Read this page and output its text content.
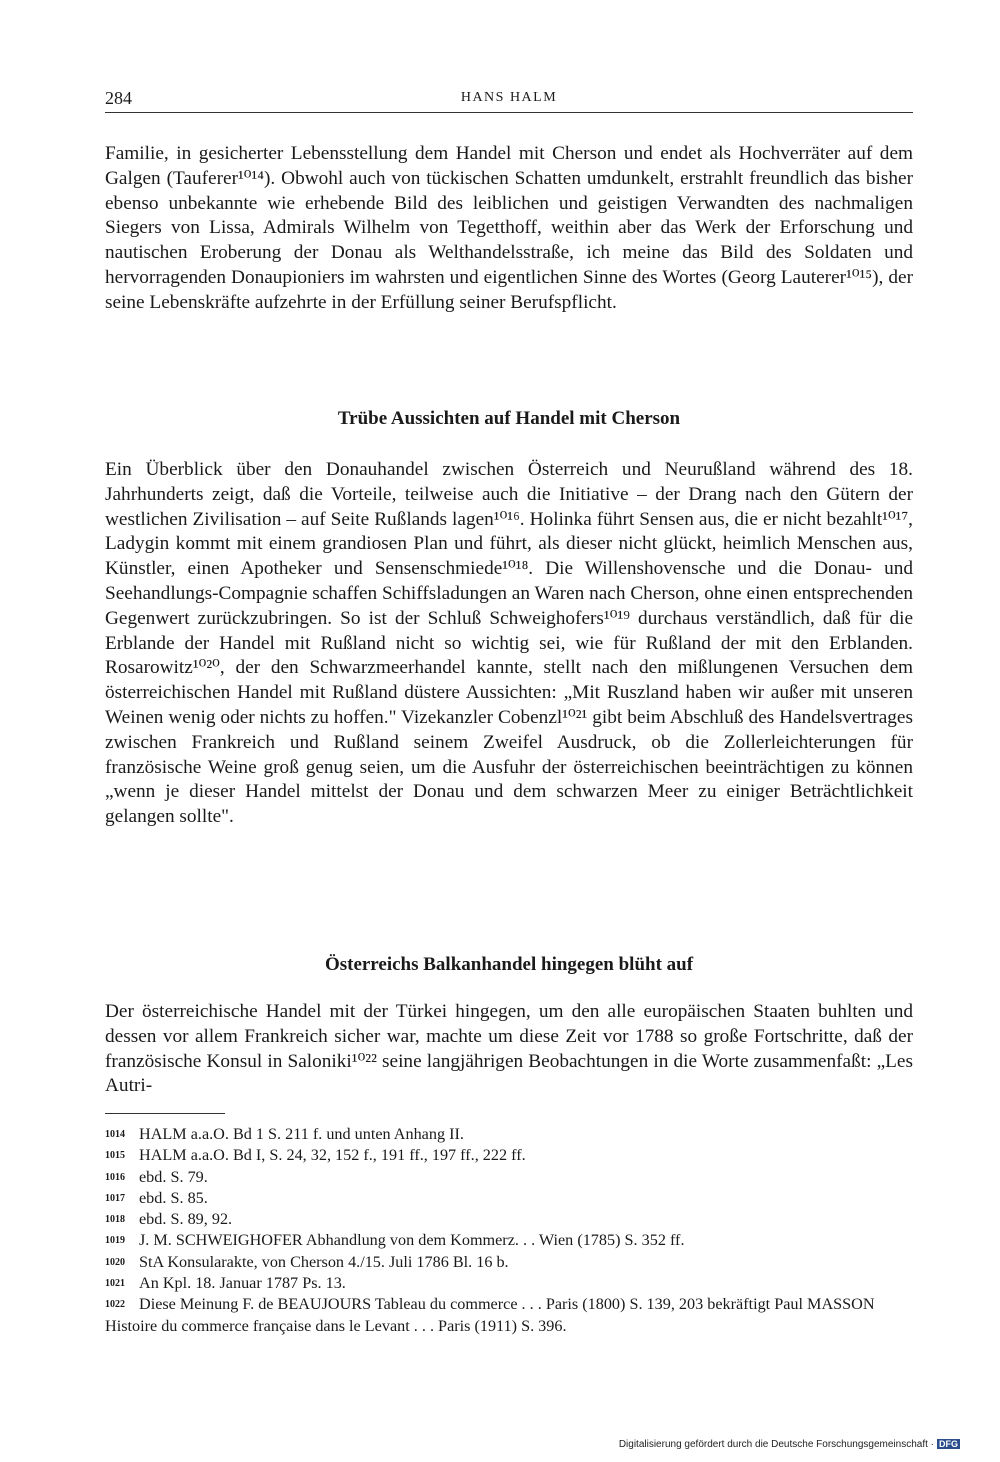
284	HANS HALM

Familie, in gesicherter Lebensstellung dem Handel mit Cherson und endet als Hochverräter auf dem Galgen (Tauferer¹⁰¹⁴). Obwohl auch von tückischen Schatten umdunkelt, erstrahlt freundlich das bisher ebenso unbekannte wie erhebende Bild des leiblichen und geistigen Verwandten des nachmaligen Siegers von Lissa, Admirals Wilhelm von Tegetthoff, weithin aber das Werk der Erforschung und nautischen Eroberung der Donau als Welthandelsstraße, ich meine das Bild des Soldaten und hervorragenden Donaupioniers im wahrsten und eigentlichen Sinne des Wortes (Georg Lauterer¹⁰¹⁵), der seine Lebenskräfte aufzehrte in der Erfüllung seiner Berufspflicht.

Trübe Aussichten auf Handel mit Cherson

Ein Überblick über den Donauhandel zwischen Österreich und Neurußland während des 18. Jahrhunderts zeigt, daß die Vorteile, teilweise auch die Initiative – der Drang nach den Gütern der westlichen Zivilisation – auf Seite Rußlands lagen¹⁰¹⁶. Holinka führt Sensen aus, die er nicht bezahlt¹⁰¹⁷, Ladygin kommt mit einem grandiosen Plan und führt, als dieser nicht glückt, heimlich Menschen aus, Künstler, einen Apotheker und Sensenschmiede¹⁰¹⁸. Die Willenshovensche und die Donau- und Seehandlungs-Compagnie schaffen Schiffsladungen an Waren nach Cherson, ohne einen entsprechenden Gegenwert zurückzubringen. So ist der Schluß Schweighofers¹⁰¹⁹ durchaus verständlich, daß für die Erblande der Handel mit Rußland nicht so wichtig sei, wie für Rußland der mit den Erblanden. Rosarowitz¹⁰²⁰, der den Schwarzmeerhandel kannte, stellt nach den mißlungenen Versuchen dem österreichischen Handel mit Rußland düstere Aussichten: „Mit Ruszland haben wir außer mit unseren Weinen wenig oder nichts zu hoffen." Vizekanzler Cobenzl¹⁰²¹ gibt beim Abschluß des Handelsvertrages zwischen Frankreich und Rußland seinem Zweifel Ausdruck, ob die Zollerleichterungen für französische Weine groß genug seien, um die Ausfuhr der österreichischen beeinträchtigen zu können „wenn je dieser Handel mittelst der Donau und dem schwarzen Meer zu einiger Beträchtlichkeit gelangen sollte".

Österreichs Balkanhandel hingegen blüht auf

Der österreichische Handel mit der Türkei hingegen, um den alle europäischen Staaten buhlten und dessen vor allem Frankreich sicher war, machte um diese Zeit vor 1788 so große Fortschritte, daß der französische Konsul in Saloniki¹⁰²² seine langjährigen Beobachtungen in die Worte zusammenfaßt: „Les Autri-

1014 HALM a.a.O. Bd 1 S. 211 f. und unten Anhang II.

1015 HALM a.a.O. Bd I, S. 24, 32, 152 f., 191 ff., 197 ff., 222 ff.

1016 ebd. S. 79.

1017 ebd. S. 85.

1018 ebd. S. 89, 92.

1019 J. M. SCHWEIGHOFER Abhandlung von dem Kommerz. . . Wien (1785) S. 352 ff.

1020 StA Konsularakte, von Cherson 4./15. Juli 1786 Bl. 16 b.

1021 An Kpl. 18. Januar 1787 Ps. 13.

1022 Diese Meinung F. de BEAUJOURS Tableau du commerce . . . Paris (1800) S. 139, 203 bekräftigt Paul MASSON Histoire du commerce française dans le Levant . . . Paris (1911) S. 396.

Digitalisierung gefördert durch die Deutsche Forschungsgemeinschaft · DFG
